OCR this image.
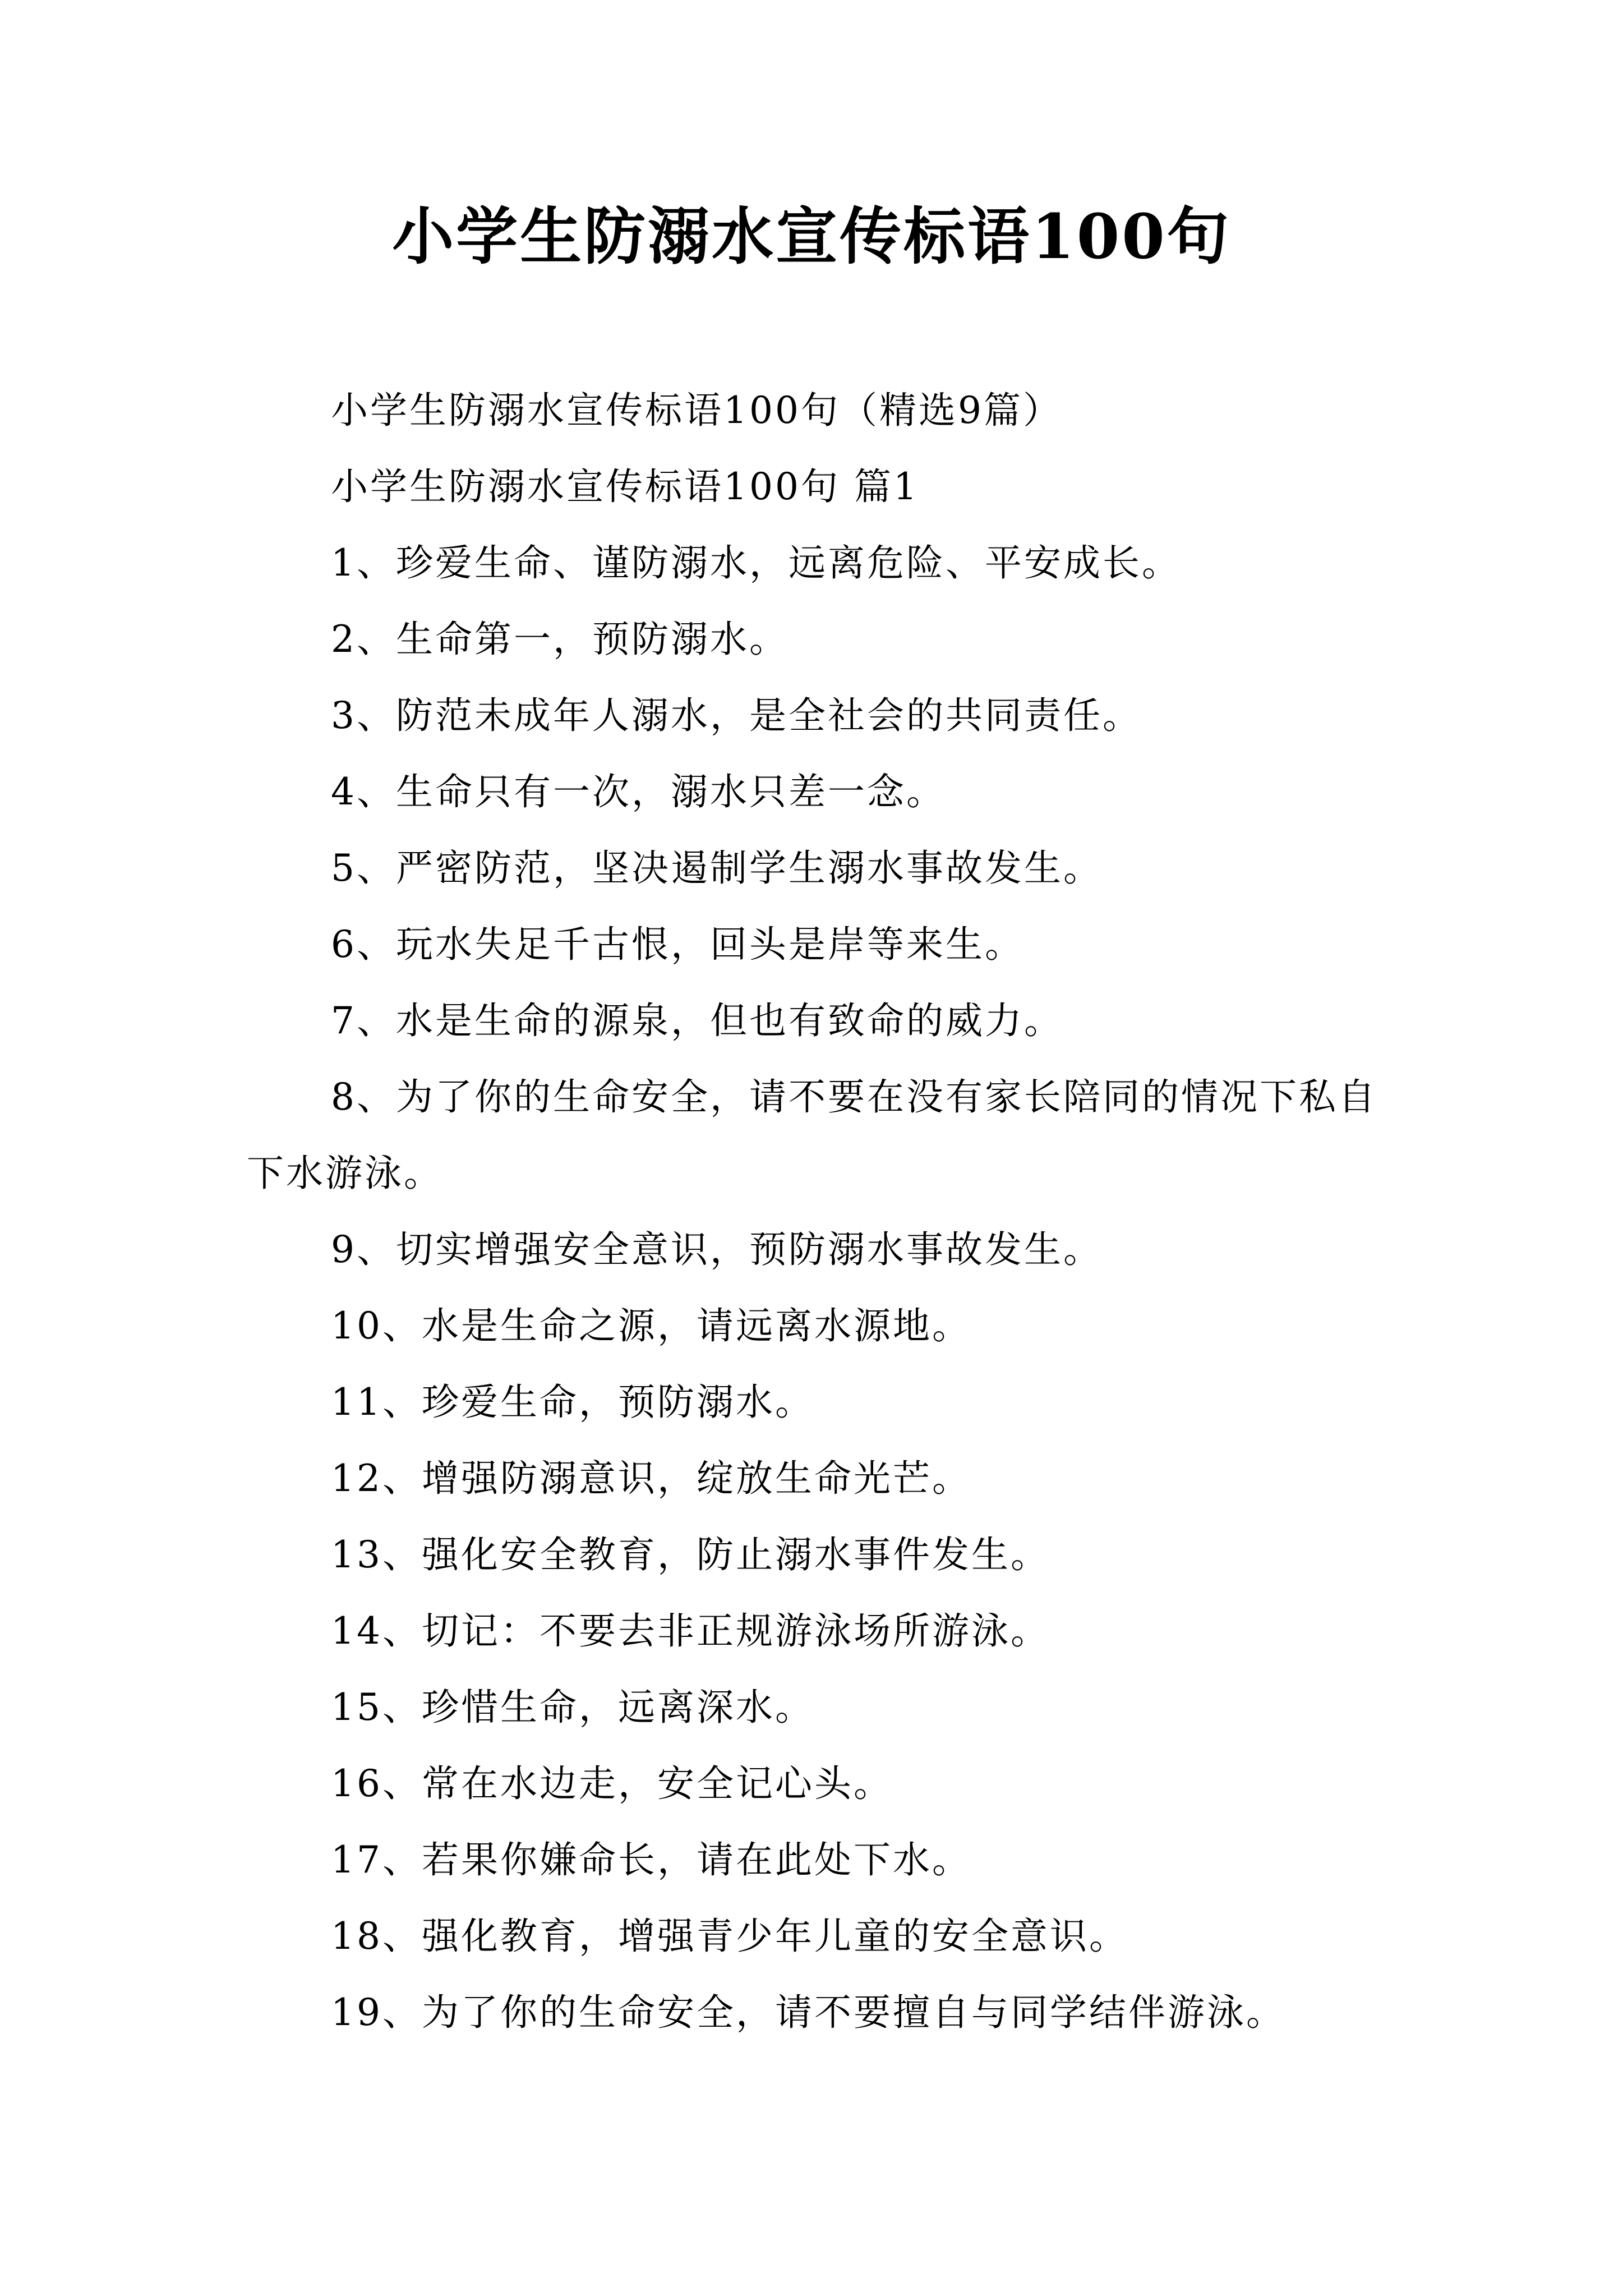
小学生防溺水宣传标语100句
小学生防溺水宣传标语100句（精选9篇）
小学生防溺水宣传标语100句 篇1
1、珍爱生命、谨防溺水，远离危险、平安成长。
2、生命第一，预防溺水。
3、防范未成年人溺水，是全社会的共同责任。
4、生命只有一次，溺水只差一念。
5、严密防范，坚决遏制学生溺水事故发生。
6、玩水失足千古恨，回头是岸等来生。
7、水是生命的源泉，但也有致命的威力。
8、为了你的生命安全，请不要在没有家长陪同的情况下私自下水游泳。
9、切实增强安全意识，预防溺水事故发生。
10、水是生命之源，请远离水源地。
11、珍爱生命，预防溺水。
12、增强防溺意识，绽放生命光芒。
13、强化安全教育，防止溺水事件发生。
14、切记：不要去非正规游泳场所游泳。
15、珍惜生命，远离深水。
16、常在水边走，安全记心头。
17、若果你嫌命长，请在此处下水。
18、强化教育，增强青少年儿童的安全意识。
19、为了你的生命安全，请不要擅自与同学结伴游泳。
